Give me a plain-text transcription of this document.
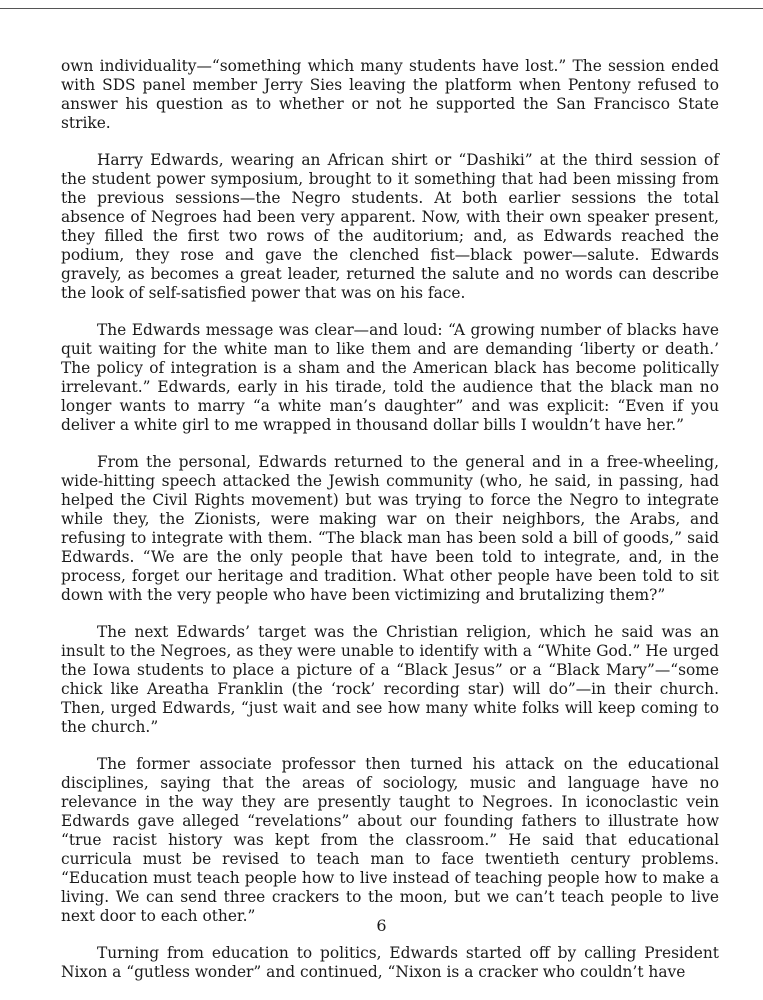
own individuality—“something which many students have lost.” The session ended with SDS panel member Jerry Sies leaving the platform when Pentony refused to answer his question as to whether or not he supported the San Francisco State strike.

Harry Edwards, wearing an African shirt or “Dashiki” at the third session of the student power symposium, brought to it something that had been missing from the previous sessions—the Negro students. At both earlier sessions the total absence of Negroes had been very apparent. Now, with their own speaker present, they filled the first two rows of the auditorium; and, as Edwards reached the podium, they rose and gave the clenched fist—black power—salute. Edwards gravely, as becomes a great leader, returned the salute and no words can describe the look of self-satisfied power that was on his face.

The Edwards message was clear—and loud: “A growing number of blacks have quit waiting for the white man to like them and are demanding ‘liberty or death.’ The policy of integration is a sham and the American black has become politically irrelevant.” Edwards, early in his tirade, told the audience that the black man no longer wants to marry “a white man’s daughter” and was explicit: “Even if you deliver a white girl to me wrapped in thousand dollar bills I wouldn’t have her.”

From the personal, Edwards returned to the general and in a free-wheeling, wide-hitting speech attacked the Jewish community (who, he said, in passing, had helped the Civil Rights movement) but was trying to force the Negro to integrate while they, the Zionists, were making war on their neighbors, the Arabs, and refusing to integrate with them. “The black man has been sold a bill of goods,” said Edwards. “We are the only people that have been told to integrate, and, in the process, forget our heritage and tradition. What other people have been told to sit down with the very people who have been victimizing and brutalizing them?”

The next Edwards’ target was the Christian religion, which he said was an insult to the Negroes, as they were unable to identify with a “White God.” He urged the Iowa students to place a picture of a “Black Jesus” or a “Black Mary”—“some chick like Areatha Franklin (the ‘rock’ recording star) will do”—in their church. Then, urged Edwards, “just wait and see how many white folks will keep coming to the church.”

The former associate professor then turned his attack on the educational disciplines, saying that the areas of sociology, music and language have no relevance in the way they are presently taught to Negroes. In iconoclastic vein Edwards gave alleged “revelations” about our founding fathers to illustrate how “true racist history was kept from the classroom.” He said that educational curricula must be revised to teach man to face twentieth century problems. “Education must teach people how to live instead of teaching people how to make a living. We can send three crackers to the moon, but we can’t teach people to live next door to each other.”

Turning from education to politics, Edwards started off by calling President Nixon a “gutless wonder” and continued, “Nixon is a cracker who couldn’t have

6
